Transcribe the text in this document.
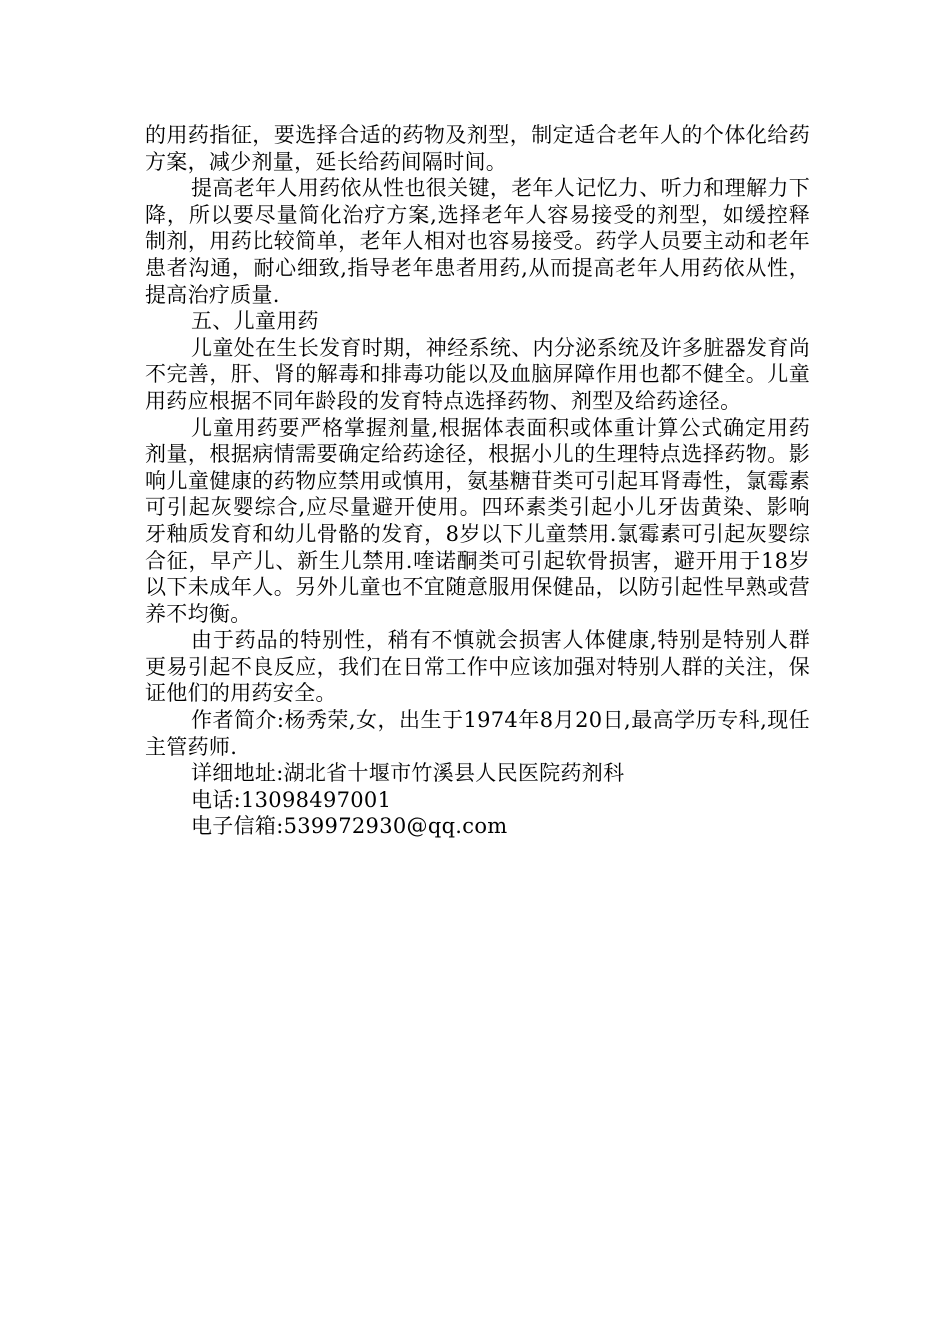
的用药指征，要选择合适的药物及剂型，制定适合老年人的个体化给药方案，减少剂量，延长给药间隔时间。

提高老年人用药依从性也很关键，老年人记忆力、听力和理解力下降，所以要尽量简化治疗方案,选择老年人容易接受的剂型，如缓控释制剂，用药比较简单，老年人相对也容易接受。药学人员要主动和老年患者沟通，耐心细致,指导老年患者用药,从而提高老年人用药依从性，提高治疗质量.

五、儿童用药

儿童处在生长发育时期，神经系统、内分泌系统及许多脏器发育尚不完善，肝、肾的解毒和排毒功能以及血脑屏障作用也都不健全。儿童用药应根据不同年龄段的发育特点选择药物、剂型及给药途径。

儿童用药要严格掌握剂量,根据体表面积或体重计算公式确定用药剂量，根据病情需要确定给药途径，根据小儿的生理特点选择药物。影响儿童健康的药物应禁用或慎用，氨基糖苷类可引起耳肾毒性，氯霉素可引起灰婴综合,应尽量避开使用。四环素类引起小儿牙齿黄染、影响牙釉质发育和幼儿骨骼的发育，8岁以下儿童禁用.氯霉素可引起灰婴综合征，早产儿、新生儿禁用.喹诺酮类可引起软骨损害，避开用于18岁以下未成年人。另外儿童也不宜随意服用保健品，以防引起性早熟或营养不均衡。

由于药品的特别性，稍有不慎就会损害人体健康,特别是特别人群更易引起不良反应，我们在日常工作中应该加强对特别人群的关注，保证他们的用药安全。

作者简介:杨秀荣,女，出生于1974年8月20日,最高学历专科,现任主管药师.

详细地址:湖北省十堰市竹溪县人民医院药剂科

电话:13098497001

电子信箱:539972930@qq.com
